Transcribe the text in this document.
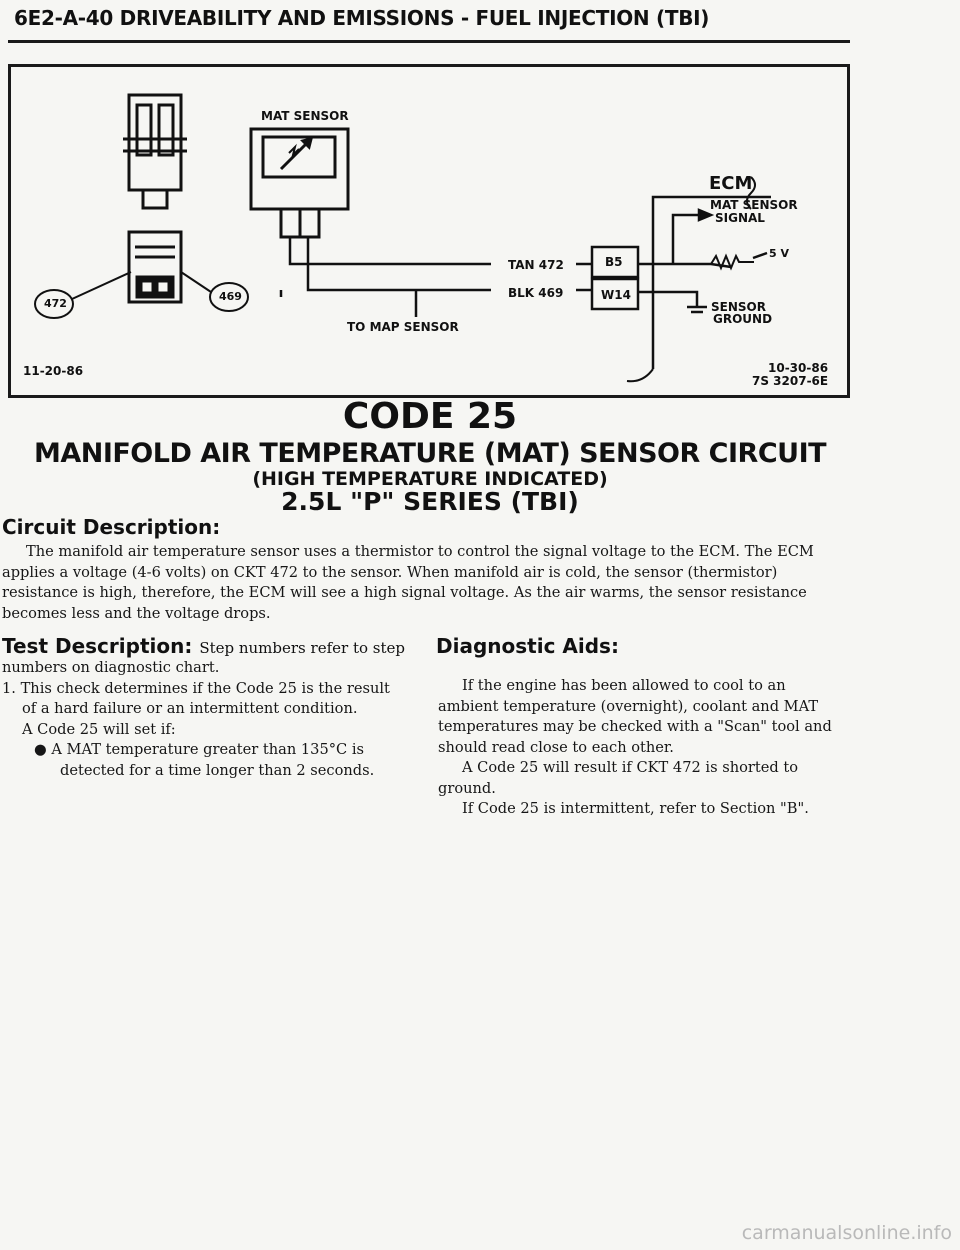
6E2-A-40 DRIVEABILITY AND EMISSIONS - FUEL INJECTION (TBI)
MAT SENSOR
ECM
MAT SENSOR
SIGNAL
5 V
TAN 472
BLK 469
B5
W14
SENSOR
GROUND
TO MAP SENSOR
472
469
11-20-86	10-30-86
7S 3207-6E
CODE 25
MANIFOLD AIR TEMPERATURE (MAT) SENSOR CIRCUIT
(HIGH TEMPERATURE INDICATED)
2.5L "P" SERIES (TBI)
Circuit Description:

The manifold air temperature sensor uses a thermistor to control the signal voltage to the ECM. The ECM applies a voltage (4-6 volts) on CKT 472 to the sensor. When manifold air is cold, the sensor (thermistor) resistance is high, therefore, the ECM will see a high signal voltage. As the air warms, the sensor resistance becomes less and the voltage drops.

Test Description: Step numbers refer to step

numbers on diagnostic chart.

1. This check determines if the Code 25 is the result of a hard failure or an intermittent condition.

A Code 25 will set if:

● A MAT temperature greater than 135°C is detected for a time longer than 2 seconds.

Diagnostic Aids:

If the engine has been allowed to cool to an ambient temperature (overnight), coolant and MAT temperatures may be checked with a "Scan" tool and should read close to each other.

A Code 25 will result if CKT 472 is shorted to ground.

If Code 25 is intermittent, refer to Section "B".

carmanualsonline.info
